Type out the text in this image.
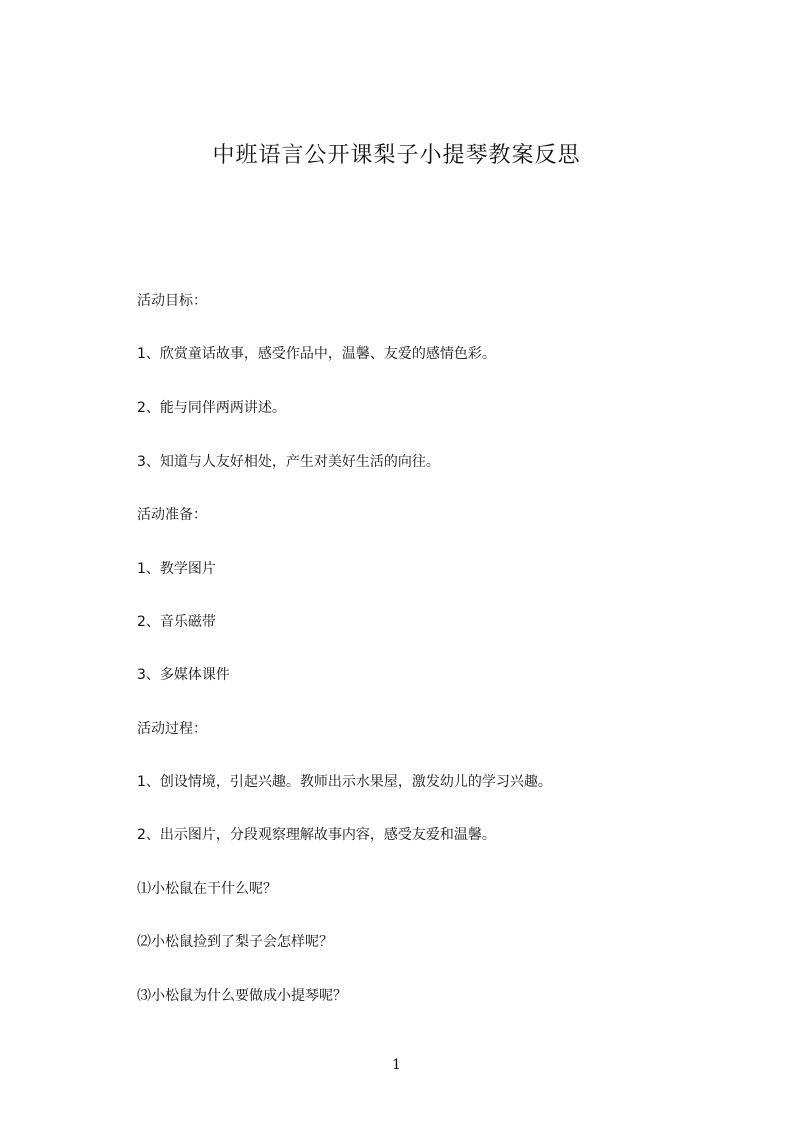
中班语言公开课梨子小提琴教案反思
活动目标：
1、欣赏童话故事，感受作品中，温馨、友爱的感情色彩。
2、能与同伴两两讲述。
3、知道与人友好相处，产生对美好生活的向往。
活动准备：
1、教学图片
2、音乐磁带
3、多媒体课件
活动过程：
1、创设情境，引起兴趣。教师出示水果屋，激发幼儿的学习兴趣。
2、出示图片，分段观察理解故事内容，感受友爱和温馨。
⑴小松鼠在干什么呢？
⑵小松鼠捡到了梨子会怎样呢？
⑶小松鼠为什么要做成小提琴呢？
1
